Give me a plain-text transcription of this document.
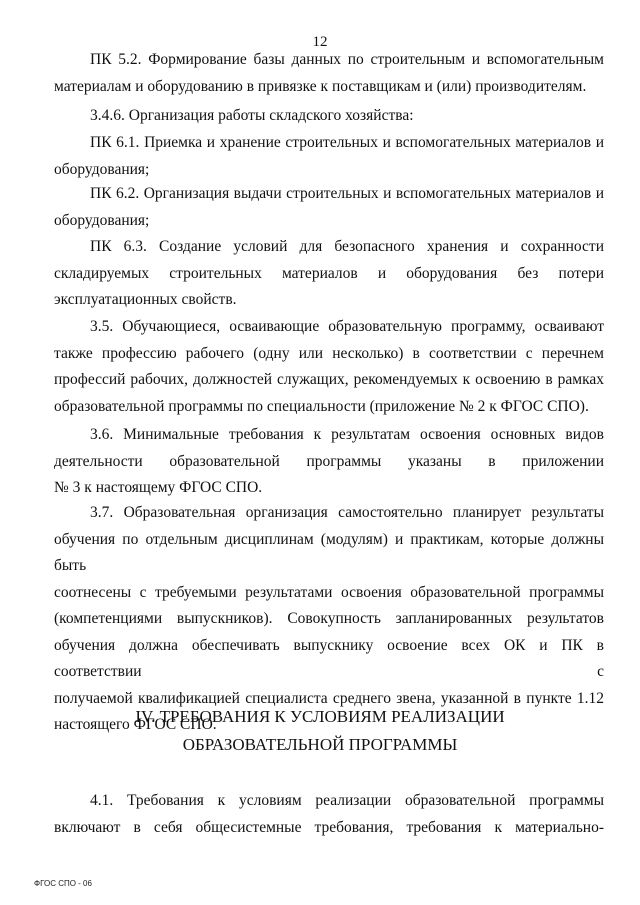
12
ПК 5.2. Формирование базы данных по строительным и вспомогательным
материалам и оборудованию в привязке к поставщикам и (или) производителям.
3.4.6. Организация работы складского хозяйства:
ПК 6.1. Приемка и хранение строительных и вспомогательных материалов и
оборудования;
ПК 6.2. Организация выдачи строительных и вспомогательных материалов и
оборудования;
ПК 6.3. Создание условий для безопасного хранения и сохранности
складируемых строительных материалов и оборудования без потери
эксплуатационных свойств.
3.5. Обучающиеся, осваивающие образовательную программу, осваивают
также профессию рабочего (одну или несколько) в соответствии с перечнем
профессий рабочих, должностей служащих, рекомендуемых к освоению в рамках
образовательной программы по специальности (приложение № 2 к ФГОС СПО).
3.6. Минимальные требования к результатам освоения основных видов
деятельности образовательной программы указаны в приложении
№ 3 к настоящему ФГОС СПО.
3.7. Образовательная организация самостоятельно планирует результаты
обучения по отдельным дисциплинам (модулям) и практикам, которые должны быть
соотнесены с требуемыми результатами освоения образовательной программы
(компетенциями выпускников). Совокупность запланированных результатов
обучения должна обеспечивать выпускнику освоение всех ОК и ПК в соответствии с
получаемой квалификацией специалиста среднего звена, указанной в пункте 1.12
настоящего ФГОС СПО.
IV. ТРЕБОВАНИЯ К УСЛОВИЯМ РЕАЛИЗАЦИИ
ОБРАЗОВАТЕЛЬНОЙ ПРОГРАММЫ
4.1. Требования к условиям реализации образовательной программы
включают в себя общесистемные требования, требования к материально-
ФГОС СПО - 06
